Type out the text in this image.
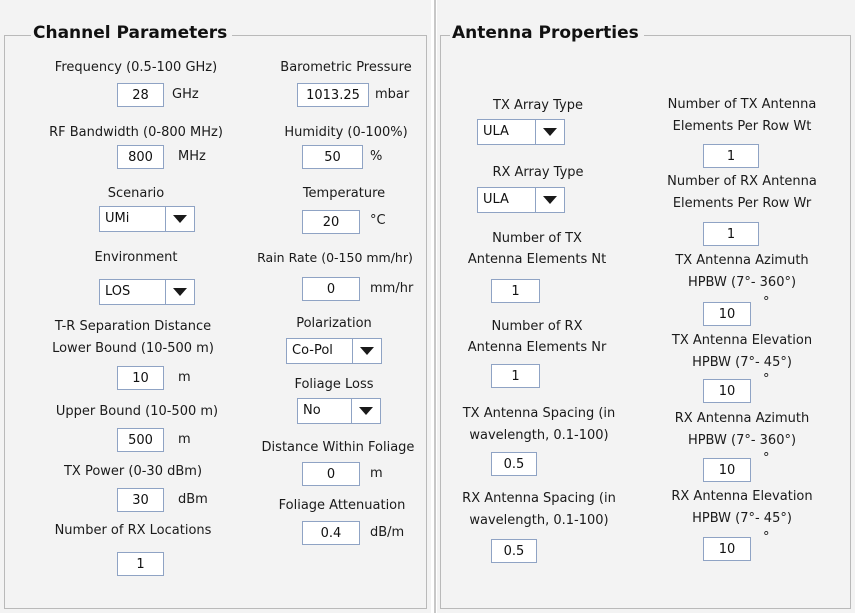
Channel Parameters
Frequency (0.5-100 GHz)
28
GHz
RF Bandwidth (0-800 MHz)
800
MHz
Scenario
UMi
Environment
LOS
T-R Separation Distance
Lower Bound (10-500 m)
10
m
Upper Bound (10-500 m)
500
m
TX Power (0-30 dBm)
30
dBm
Number of RX Locations
1
Barometric Pressure
1013.25
mbar
Humidity (0-100%)
50
%
Temperature
20
°C
Rain Rate (0-150 mm/hr)
0
mm/hr
Polarization
Co-Pol
Foliage Loss
No
Distance Within Foliage
0
m
Foliage Attenuation
0.4
dB/m
Antenna Properties
TX Array Type
ULA
RX Array Type
ULA
Number of TX
Antenna Elements Nt
1
Number of RX
Antenna Elements Nr
1
TX Antenna Spacing (in
wavelength, 0.1-100)
0.5
RX Antenna Spacing (in
wavelength, 0.1-100)
0.5
Number of TX Antenna
Elements Per Row Wt
1
Number of RX Antenna
Elements Per Row Wr
1
TX Antenna Azimuth
HPBW (7°- 360°)
10
°
TX Antenna Elevation
HPBW (7°- 45°)
10
°
RX Antenna Azimuth
HPBW (7°- 360°)
10
°
RX Antenna Elevation
HPBW (7°- 45°)
10
°
